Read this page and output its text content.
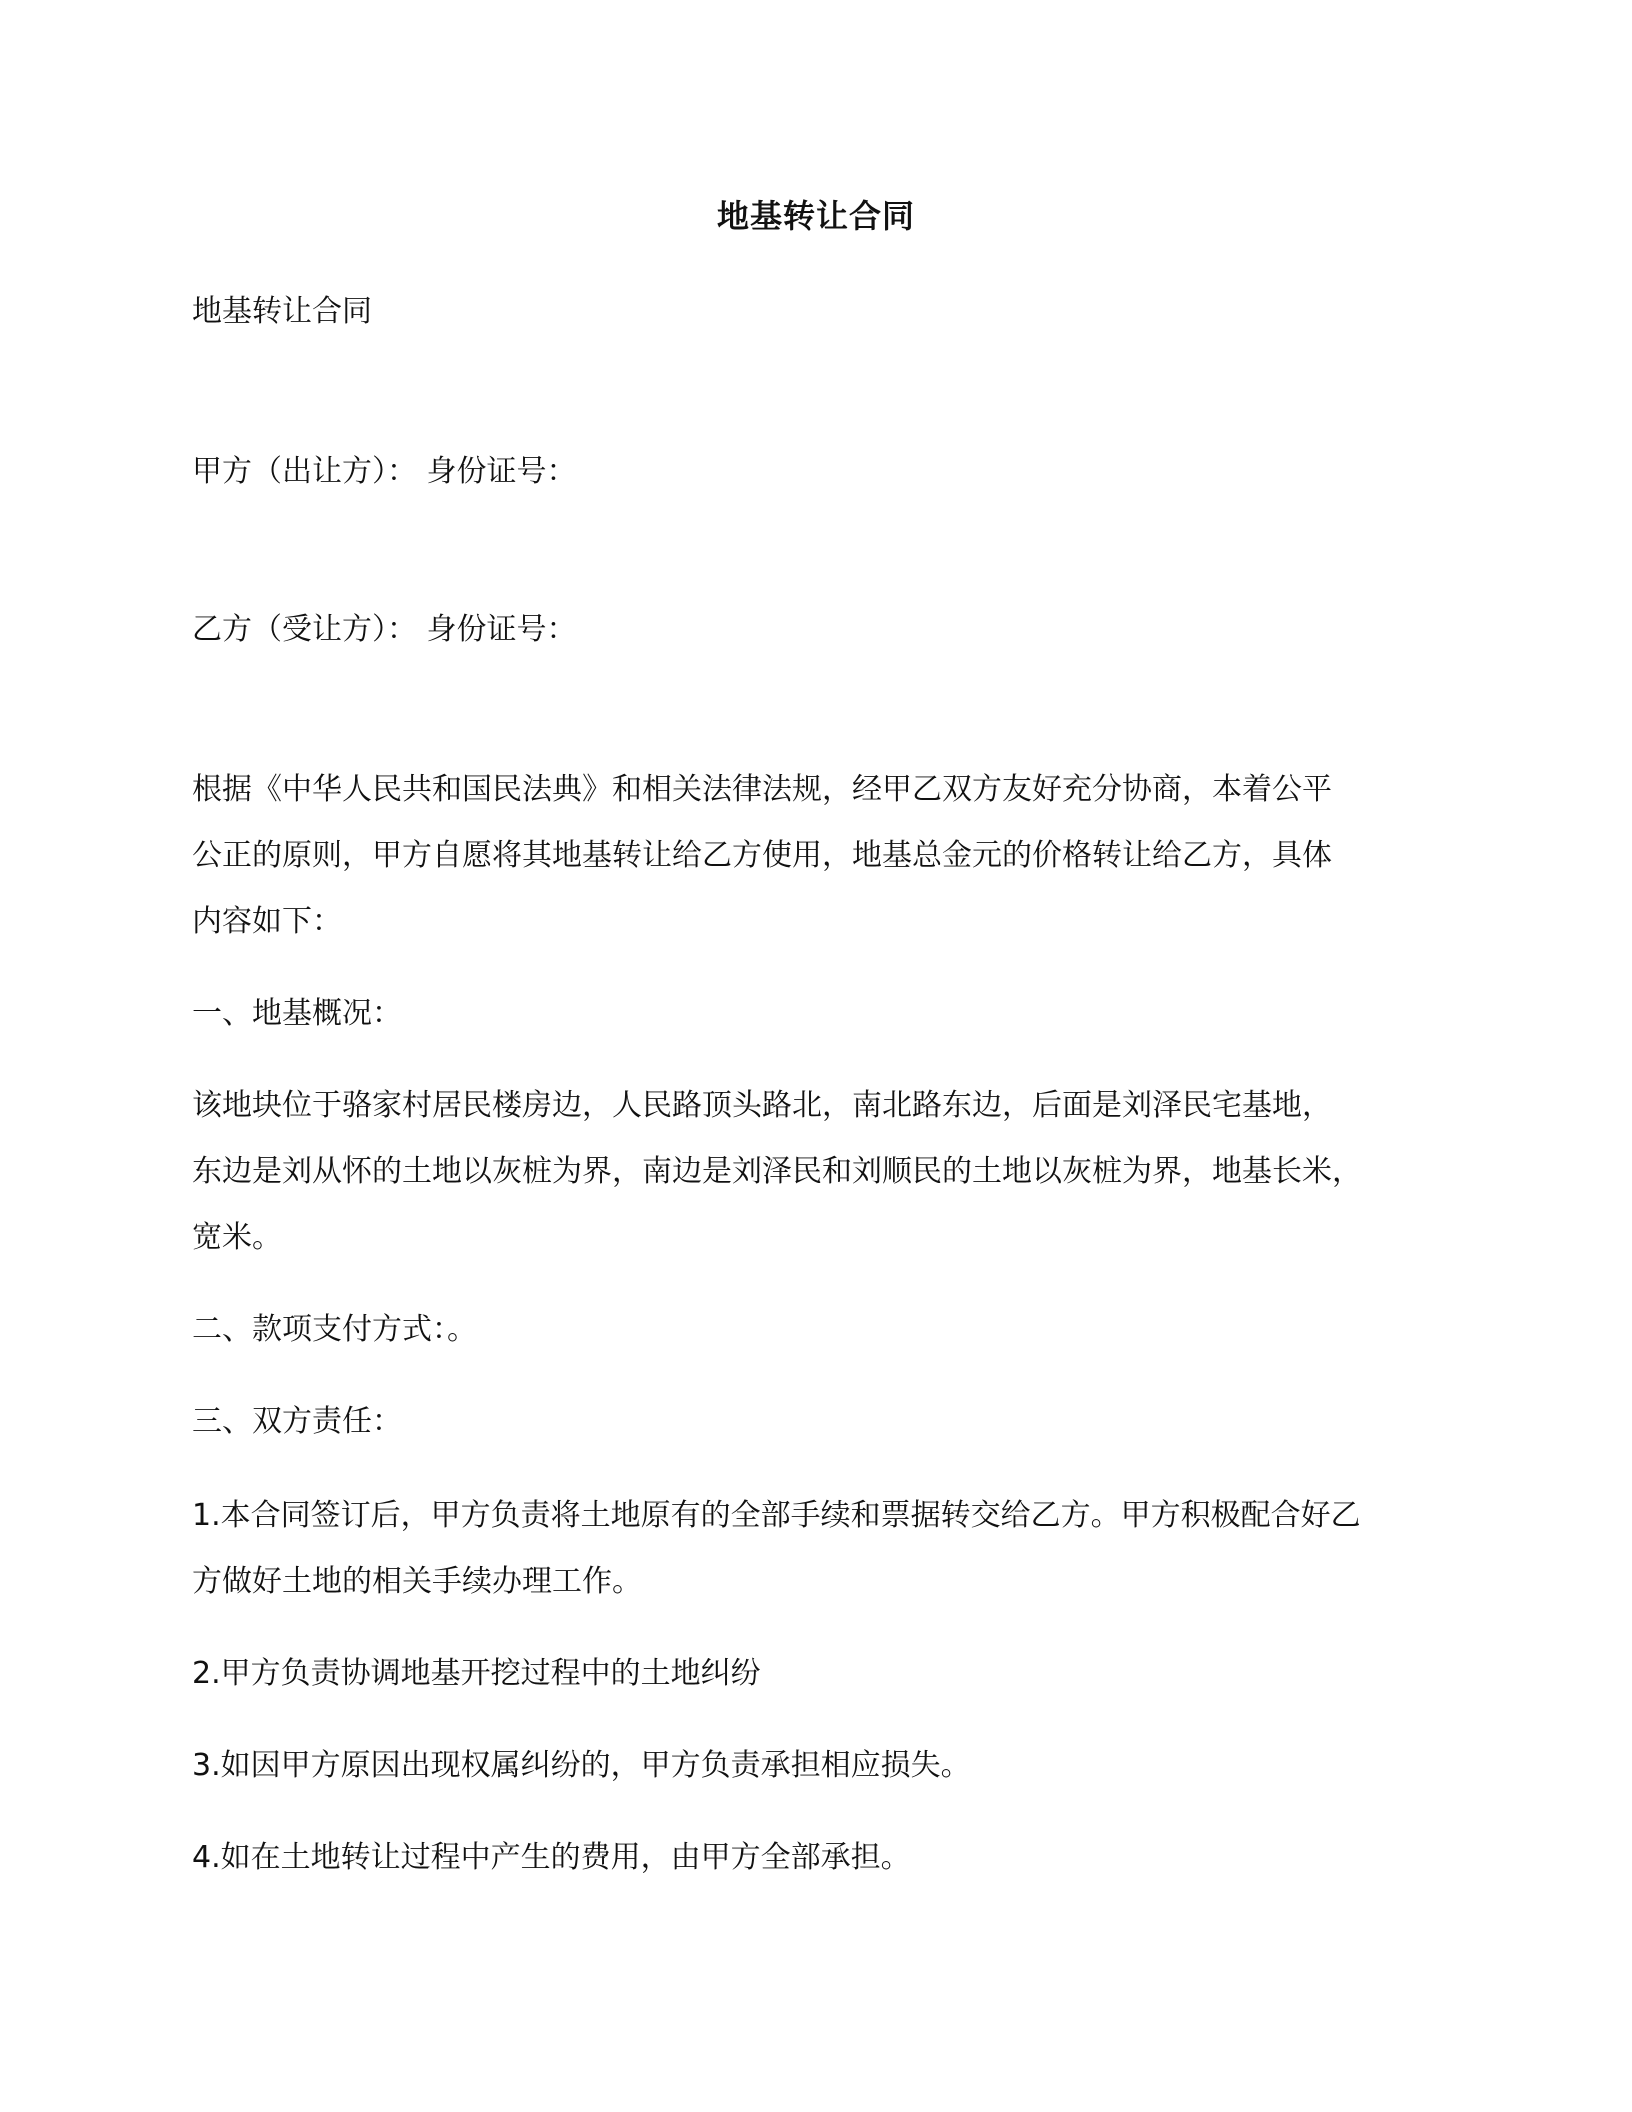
地基转让合同
地基转让合同
甲方（出让方）： 身份证号：
乙方（受让方）： 身份证号：
根据《中华人民共和国民法典》和相关法律法规，经甲乙双方友好充分协商，本着公平
公正的原则，甲方自愿将其地基转让给乙方使用，地基总金元的价格转让给乙方，具体
内容如下：
一、地基概况：
该地块位于骆家村居民楼房边，人民路顶头路北，南北路东边，后面是刘泽民宅基地，
东边是刘从怀的土地以灰桩为界，南边是刘泽民和刘顺民的土地以灰桩为界，地基长米，
宽米。
二、款项支付方式：。
三、双方责任：
1.本合同签订后，甲方负责将土地原有的全部手续和票据转交给乙方。甲方积极配合好乙
方做好土地的相关手续办理工作。
2.甲方负责协调地基开挖过程中的土地纠纷
3.如因甲方原因出现权属纠纷的，甲方负责承担相应损失。
4.如在土地转让过程中产生的费用，由甲方全部承担。
